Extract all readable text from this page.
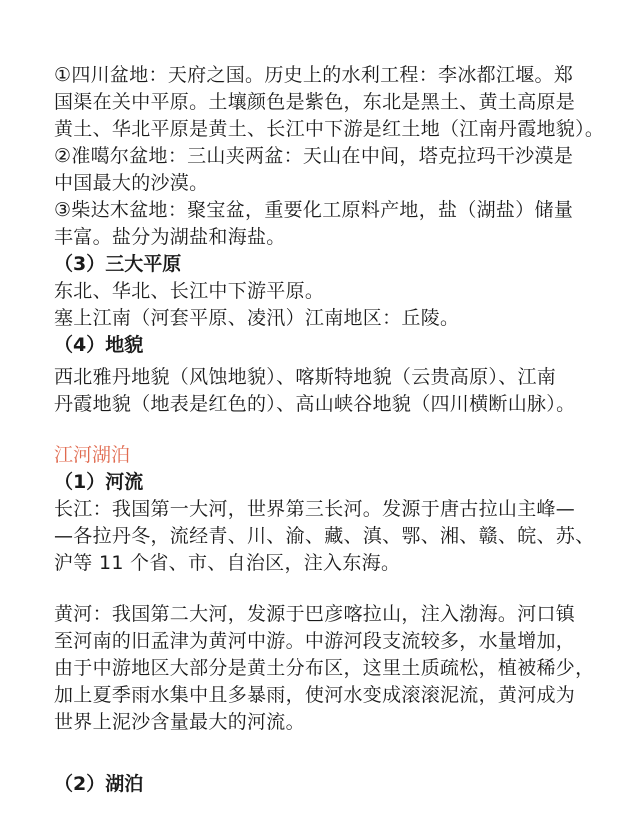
①四川盆地：天府之国。历史上的水利工程：李冰都江堰。郑
国渠在关中平原。土壤颜色是紫色，东北是黑土、黄土高原是
黄土、华北平原是黄土、长江中下游是红土地（江南丹霞地貌）。
②准噶尔盆地：三山夹两盆：天山在中间，塔克拉玛干沙漠是
中国最大的沙漠。
③柴达木盆地：聚宝盆，重要化工原料产地，盐（湖盐）储量
丰富。盐分为湖盐和海盐。
（3）三大平原
东北、华北、长江中下游平原。
塞上江南（河套平原、凌汛）江南地区：丘陵。
（4）地貌
西北雅丹地貌（风蚀地貌）、喀斯特地貌（云贵高原）、江南
丹霞地貌（地表是红色的）、高山峡谷地貌（四川横断山脉）。
江河湖泊
（1）河流
长江：我国第一大河，世界第三长河。发源于唐古拉山主峰—
—各拉丹冬，流经青、川、渝、藏、滇、鄂、湘、赣、皖、苏、
沪等 11 个省、市、自治区，注入东海。
黄河：我国第二大河，发源于巴彦喀拉山，注入渤海。河口镇
至河南的旧孟津为黄河中游。中游河段支流较多，水量增加，
由于中游地区大部分是黄土分布区，这里土质疏松，植被稀少，
加上夏季雨水集中且多暴雨，使河水变成滚滚泥流，黄河成为
世界上泥沙含量最大的河流。
（2）湖泊
